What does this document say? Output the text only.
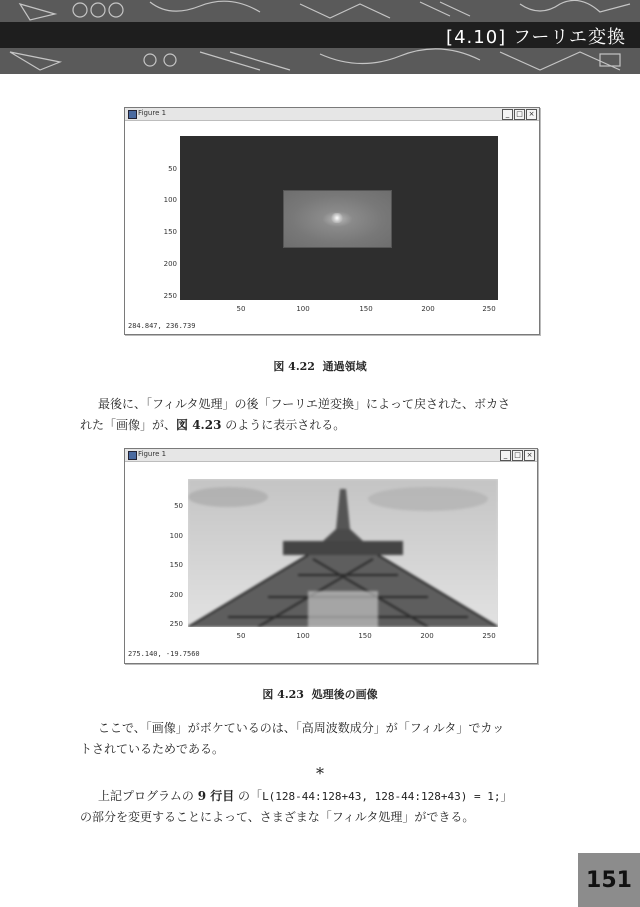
[4.10] フーリエ変換
Figure 1	_ □ ×
50
100
150
200
250
50	100	150	200	250
284.847, 236.739
図 4.22 通過領域
最後に、「フィルタ処理」の後「フーリエ逆変換」によって戻された、ボカさ
れた「画像」が、図 4.23 のように表示される。
Figure 1	_ □ ×
50
100
150
200
250
50	100	150	200	250
275.140, -19.7560
図 4.23 処理後の画像
ここで、「画像」がボケているのは、「高周波数成分」が「フィルタ」でカッ
トされているためである。
*
上記プログラムの 9 行目 の「L(128-44:128+43, 128-44:128+43) = 1;」
の部分を変更することによって、さまざまな「フィルタ処理」ができる。
151
